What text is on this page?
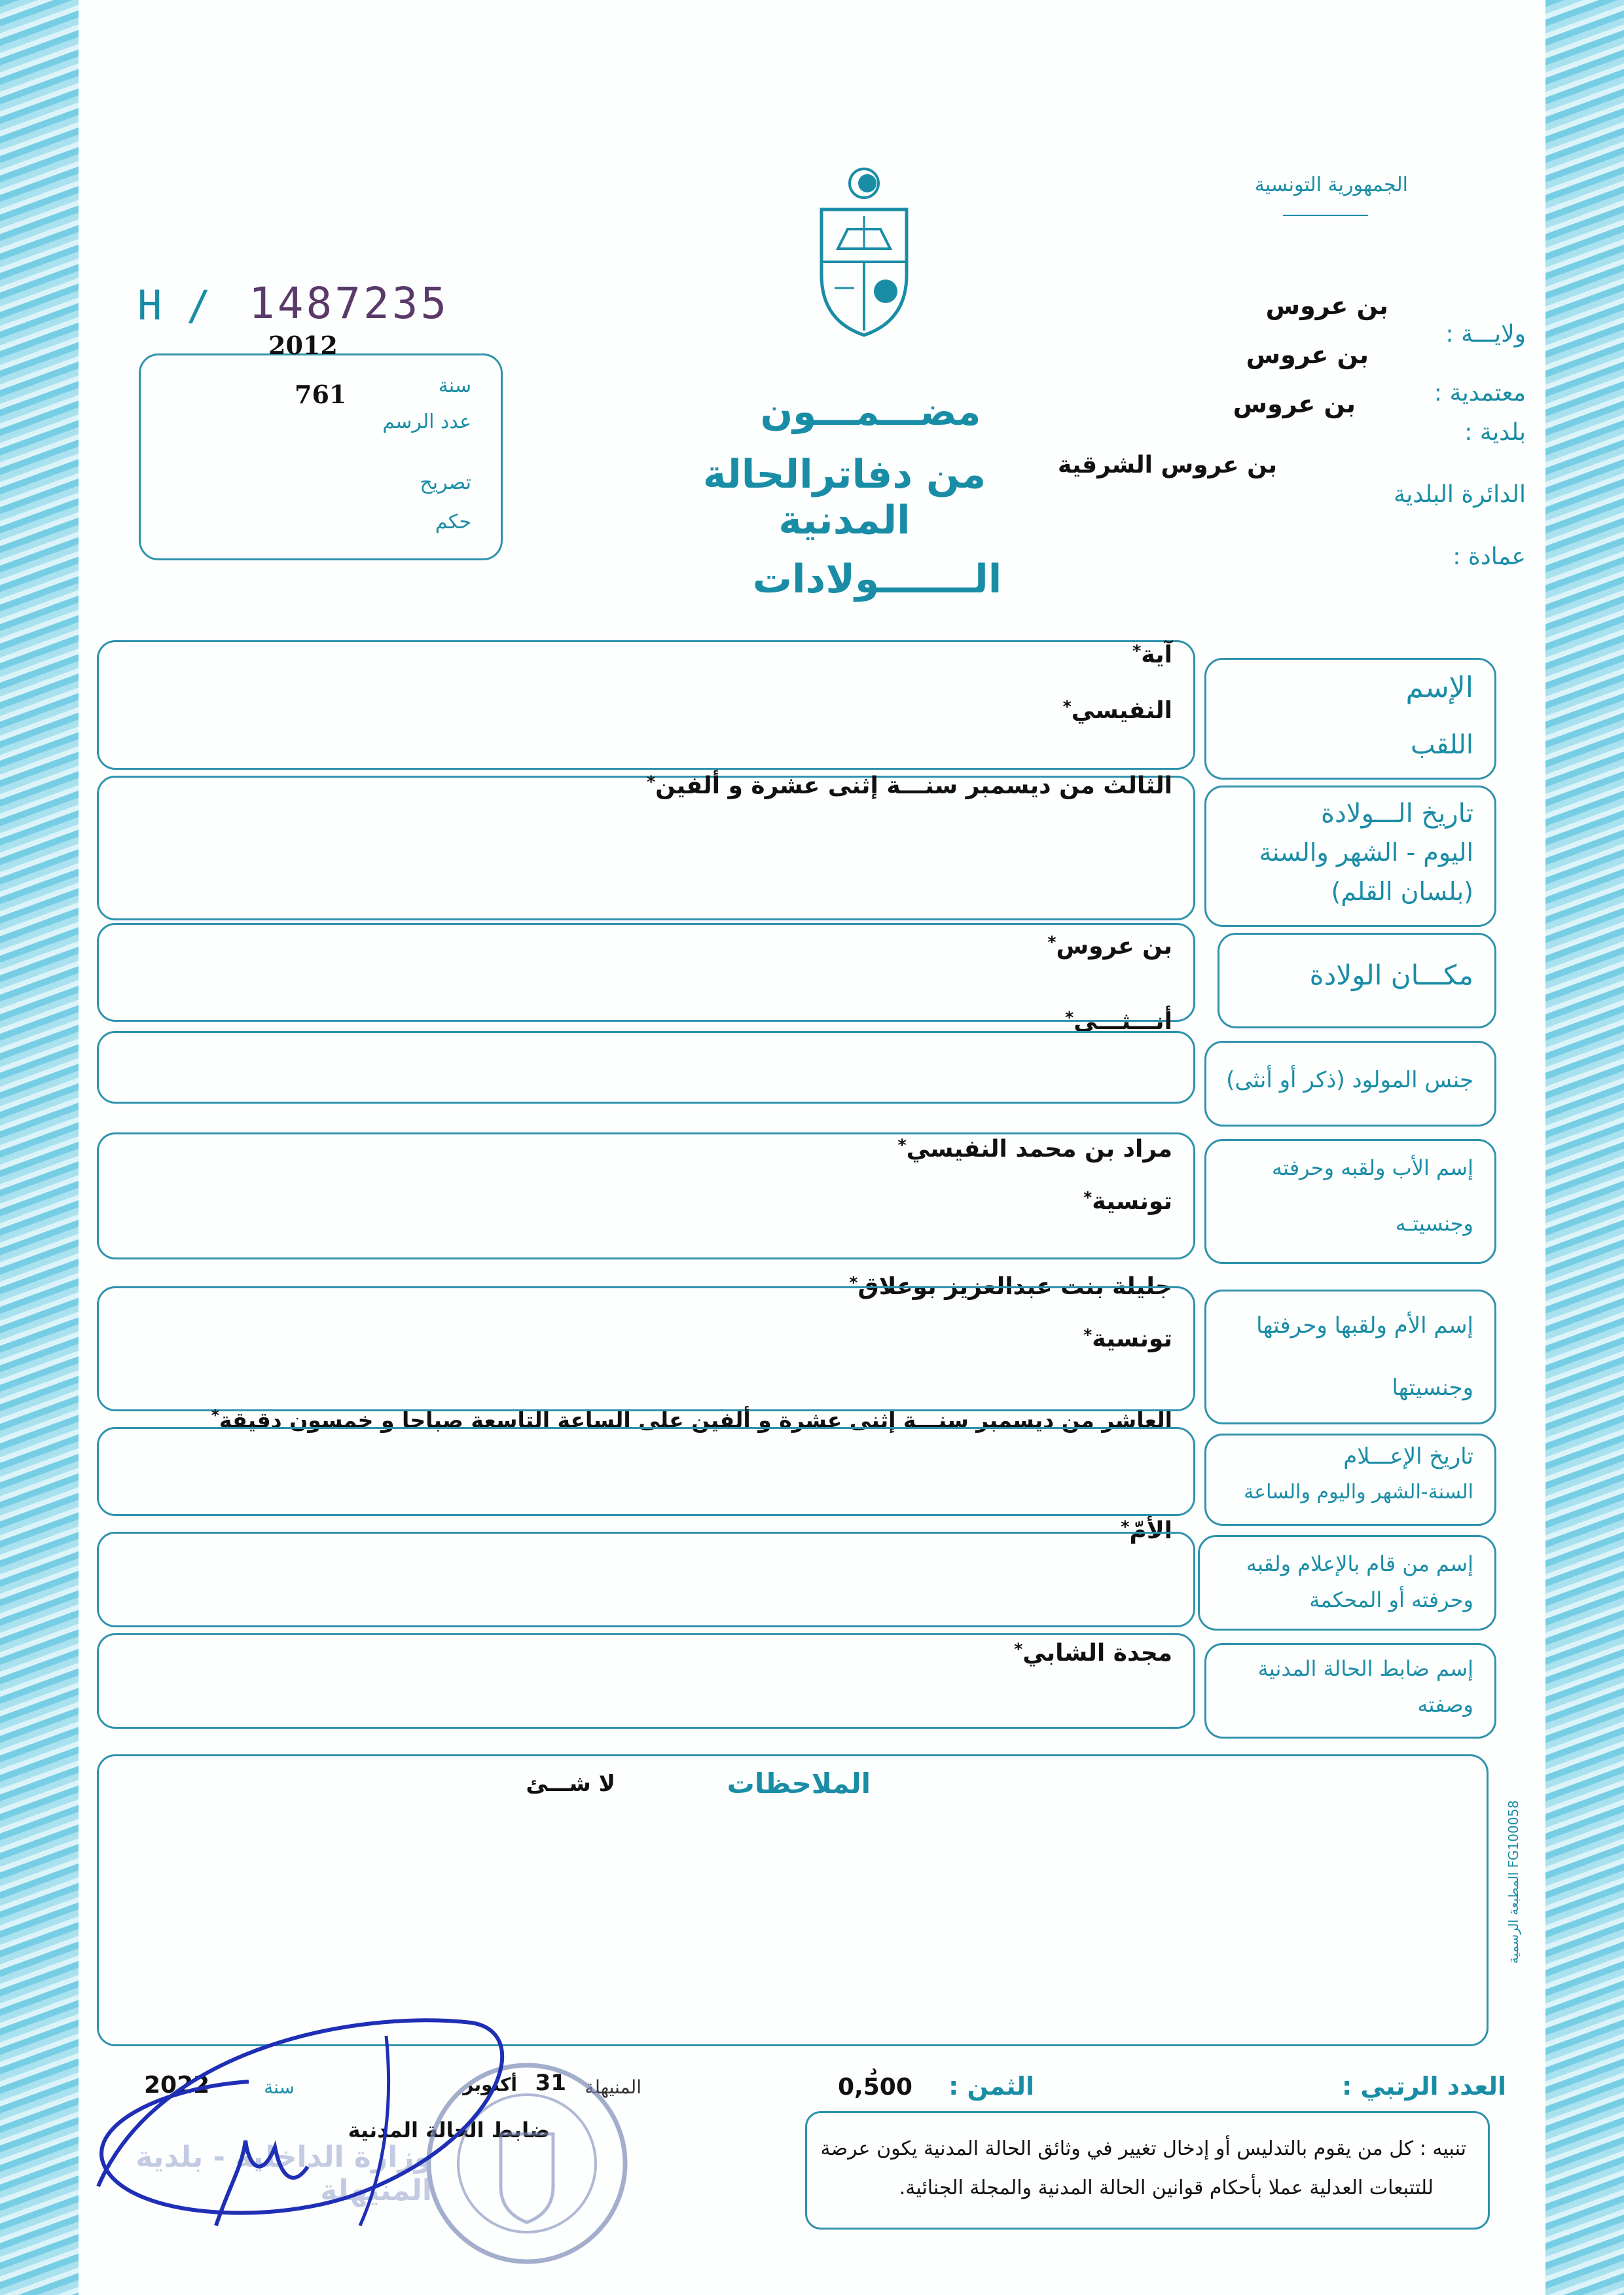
الجمهورية التونسية
H / 1487235
2012
761	سنة
عدد الرسم
تصريح
حكم
ولايـــة :
بن عروس
بن عروس
معتمدية :
بن عروس
بلدية :
بن عروس الشرقية
الدائرة البلدية
عمادة :
مضـــمـــون
من دفاترالحالة المدنية
الـــــــولادات
الإسم
اللقب
آية *
النفيسي *
تاريخ الـــولادة
اليوم - الشهر والسنة
(بلسان القلم)
الثالث من ديسمبر سنـــة إثنى عشرة و ألفين *
مكـــان الولادة
بن عروس *
أنـــثـــى *
جنس المولود (ذكر أو أنثى)
إسم الأب ولقبه وحرفته
وجنسيتـه
مراد بن محمد النفيسي *
تونسية *
جليلة بنت عبدالعزيز بوعلاق *
إسم الأم ولقبها وحرفتها
وجنسيتها
تونسية *
العاشر من ديسمبر سنـــة إثنى عشرة و ألفين على الساعة التاسعة صباحا و خمسون دقيقة *
تاريخ الإعـــلام
السنة-الشهر واليوم والساعة
الأمّ *
إسم من قام بالإعلام ولقبه
وحرفته أو المحكمة
مجدة الشابي *
إسم ضابط الحالة المدنية
وصفته
الملاحظات
لا شـــئ
المطبعة الرسمية FG100058
العدد الرتبي :
الثمن :
0,500
د
المنيهلة
31
أكتوبر
سنة
2022
ضابط الحالة المدنية
تنبيه : كل من يقوم بالتدليس أو إدخال تغيير في وثائق الحالة المدنية يكون عرضة
للتتبعات العدلية عملا بأحكام قوانين الحالة المدنية والمجلة الجنائية.
وزارة الداخلية - بلدية المنيهلة
